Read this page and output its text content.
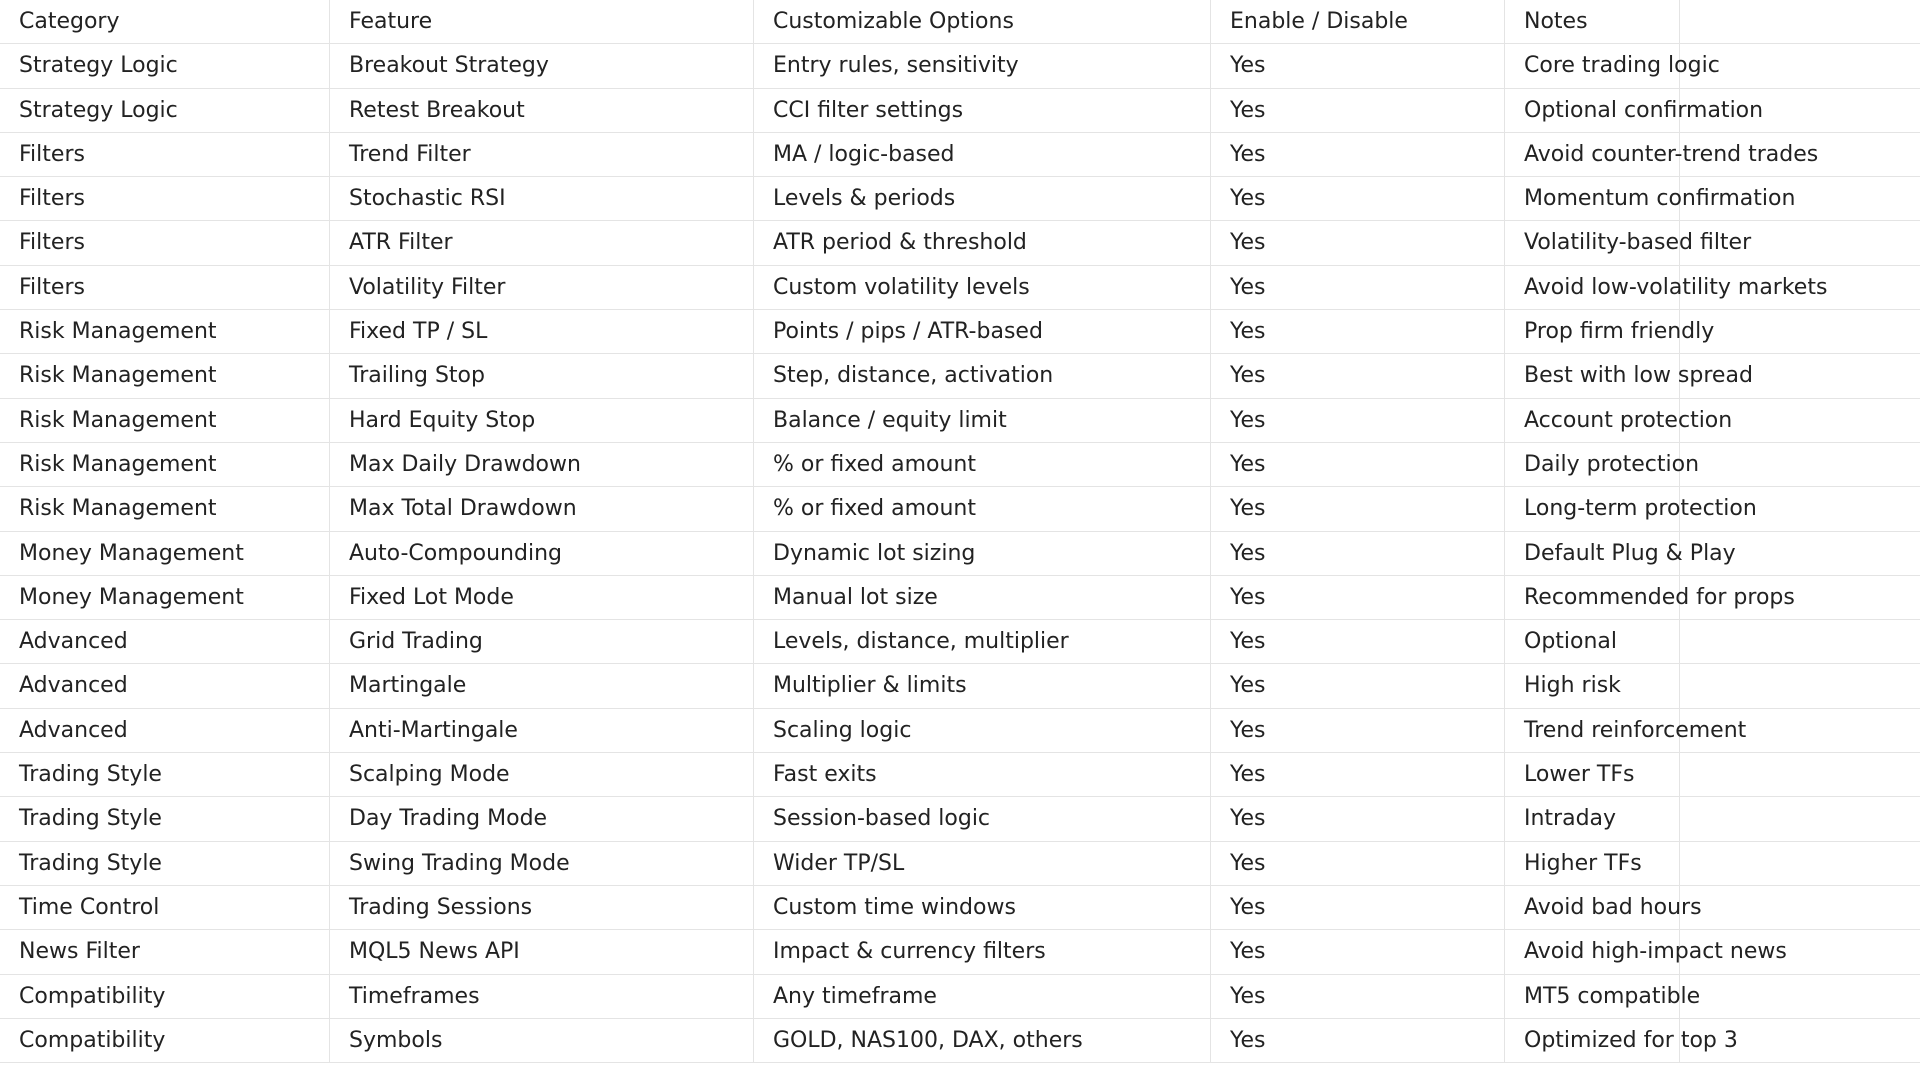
Category	Feature	Customizable Options	Enable / Disable	Notes
Strategy Logic	Breakout Strategy	Entry rules, sensitivity	Yes	Core trading logic
Strategy Logic	Retest Breakout	CCI filter settings	Yes	Optional confirmation
Filters	Trend Filter	MA / logic-based	Yes	Avoid counter-trend trades
Filters	Stochastic RSI	Levels & periods	Yes	Momentum confirmation
Filters	ATR Filter	ATR period & threshold	Yes	Volatility-based filter
Filters	Volatility Filter	Custom volatility levels	Yes	Avoid low-volatility markets
Risk Management	Fixed TP / SL	Points / pips / ATR-based	Yes	Prop firm friendly
Risk Management	Trailing Stop	Step, distance, activation	Yes	Best with low spread
Risk Management	Hard Equity Stop	Balance / equity limit	Yes	Account protection
Risk Management	Max Daily Drawdown	% or fixed amount	Yes	Daily protection
Risk Management	Max Total Drawdown	% or fixed amount	Yes	Long-term protection
Money Management	Auto-Compounding	Dynamic lot sizing	Yes	Default Plug & Play
Money Management	Fixed Lot Mode	Manual lot size	Yes	Recommended for props
Advanced	Grid Trading	Levels, distance, multiplier	Yes	Optional
Advanced	Martingale	Multiplier & limits	Yes	High risk
Advanced	Anti-Martingale	Scaling logic	Yes	Trend reinforcement
Trading Style	Scalping Mode	Fast exits	Yes	Lower TFs
Trading Style	Day Trading Mode	Session-based logic	Yes	Intraday
Trading Style	Swing Trading Mode	Wider TP/SL	Yes	Higher TFs
Time Control	Trading Sessions	Custom time windows	Yes	Avoid bad hours
News Filter	MQL5 News API	Impact & currency filters	Yes	Avoid high-impact news
Compatibility	Timeframes	Any timeframe	Yes	MT5 compatible
Compatibility	Symbols	GOLD, NAS100, DAX, others	Yes	Optimized for top 3
